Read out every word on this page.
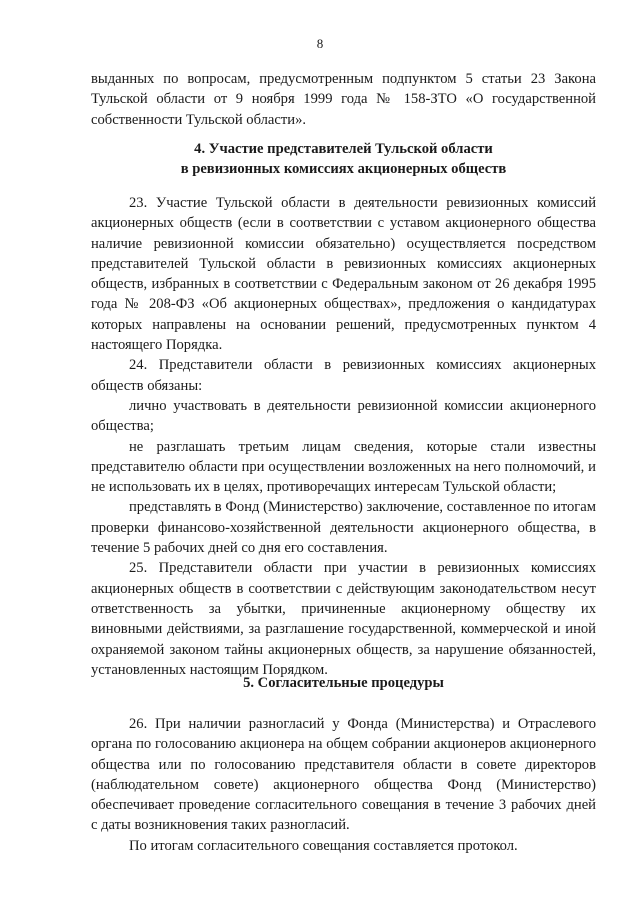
8

выданных по вопросам, предусмотренным подпунктом 5 статьи 23 Закона Тульской области от 9 ноября 1999 года № 158-ЗТО «О государственной собственности Тульской области».

4. Участие представителей Тульской области

в ревизионных комиссиях акционерных обществ

23. Участие Тульской области в деятельности ревизионных комиссий акционерных обществ (если в соответствии с уставом акционерного общества наличие ревизионной комиссии обязательно) осуществляется посредством представителей Тульской области в ревизионных комиссиях акционерных обществ, избранных в соответствии с Федеральным законом от 26 декабря 1995 года № 208-ФЗ «Об акционерных обществах», предложения о кандидатурах которых направлены на основании решений, предусмотренных пунктом 4 настоящего Порядка.

24. Представители области в ревизионных комиссиях акционерных обществ обязаны:

лично участвовать в деятельности ревизионной комиссии акционерного общества;

не разглашать третьим лицам сведения, которые стали известны представителю области при осуществлении возложенных на него полномочий, и не использовать их в целях, противоречащих интересам Тульской области;

представлять в Фонд (Министерство) заключение, составленное по итогам проверки финансово-хозяйственной деятельности акционерного общества, в течение 5 рабочих дней со дня его составления.

25. Представители области при участии в ревизионных комиссиях акционерных обществ в соответствии с действующим законодательством несут ответственность за убытки, причиненные акционерному обществу их виновными действиями, за разглашение государственной, коммерческой и иной охраняемой законом тайны акционерных обществ, за нарушение обязанностей, установленных настоящим Порядком.

5. Согласительные процедуры

26. При наличии разногласий у Фонда (Министерства) и Отраслевого органа по голосованию акционера на общем собрании акционеров акционерного общества или по голосованию представителя области в совете директоров (наблюдательном совете) акционерного общества Фонд (Министерство) обеспечивает проведение согласительного совещания в течение 3 рабочих дней с даты возникновения таких разногласий.

По итогам согласительного совещания составляется протокол.
